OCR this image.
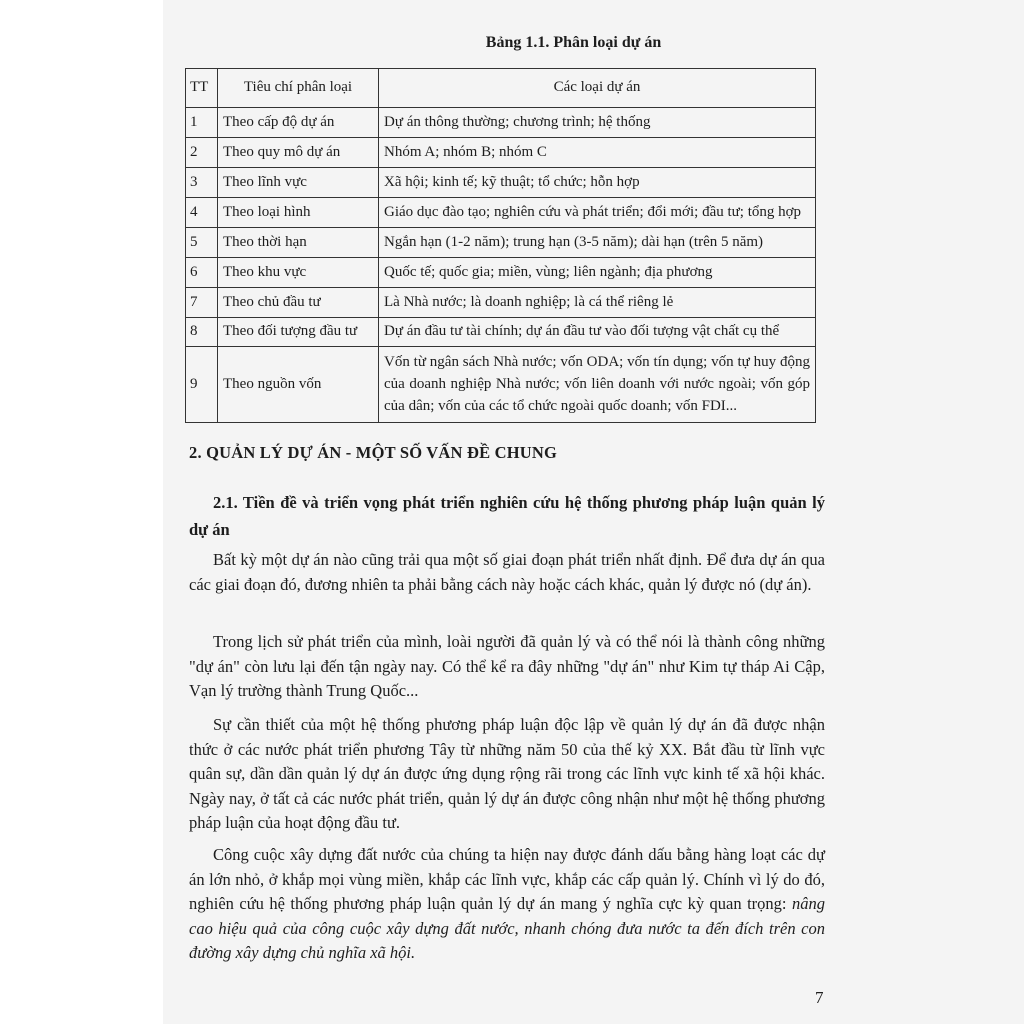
Bảng 1.1. Phân loại dự án
TT	Tiêu chí phân loại	Các loại dự án
1	Theo cấp độ dự án	Dự án thông thường; chương trình; hệ thống
2	Theo quy mô dự án	Nhóm A; nhóm B; nhóm C
3	Theo lĩnh vực	Xã hội; kinh tế; kỹ thuật; tổ chức; hỗn hợp
4	Theo loại hình	Giáo dục đào tạo; nghiên cứu và phát triển; đổi mới; đầu tư; tổng hợp
5	Theo thời hạn	Ngắn hạn (1-2 năm); trung hạn (3-5 năm); dài hạn (trên 5 năm)
6	Theo khu vực	Quốc tế; quốc gia; miền, vùng; liên ngành; địa phương
7	Theo chủ đầu tư	Là Nhà nước; là doanh nghiệp; là cá thể riêng lẻ
8	Theo đối tượng đầu tư	Dự án đầu tư tài chính; dự án đầu tư vào đối tượng vật chất cụ thể
9	Theo nguồn vốn	Vốn từ ngân sách Nhà nước; vốn ODA; vốn tín dụng; vốn tự huy động của doanh nghiệp Nhà nước; vốn liên doanh với nước ngoài; vốn góp của dân; vốn của các tổ chức ngoài quốc doanh; vốn FDI...
2. QUẢN LÝ DỰ ÁN - MỘT SỐ VẤN ĐỀ CHUNG
2.1. Tiền đề và triển vọng phát triển nghiên cứu hệ thống phương pháp luận quản lý dự án

Bất kỳ một dự án nào cũng trải qua một số giai đoạn phát triển nhất định. Để đưa dự án qua các giai đoạn đó, đương nhiên ta phải bằng cách này hoặc cách khác, quản lý được nó (dự án).

Trong lịch sử phát triển của mình, loài người đã quản lý và có thể nói là thành công những "dự án" còn lưu lại đến tận ngày nay. Có thể kể ra đây những "dự án" như Kim tự tháp Ai Cập, Vạn lý trường thành Trung Quốc...

Sự cần thiết của một hệ thống phương pháp luận độc lập về quản lý dự án đã được nhận thức ở các nước phát triển phương Tây từ những năm 50 của thế kỷ XX. Bắt đầu từ lĩnh vực quân sự, dần dần quản lý dự án được ứng dụng rộng rãi trong các lĩnh vực kinh tế xã hội khác. Ngày nay, ở tất cả các nước phát triển, quản lý dự án được công nhận như một hệ thống phương pháp luận của hoạt động đầu tư.

Công cuộc xây dựng đất nước của chúng ta hiện nay được đánh dấu bằng hàng loạt các dự án lớn nhỏ, ở khắp mọi vùng miền, khắp các lĩnh vực, khắp các cấp quản lý. Chính vì lý do đó, nghiên cứu hệ thống phương pháp luận quản lý dự án mang ý nghĩa cực kỳ quan trọng: nâng cao hiệu quả của công cuộc xây dựng đất nước, nhanh chóng đưa nước ta đến đích trên con đường xây dựng chủ nghĩa xã hội.

7
